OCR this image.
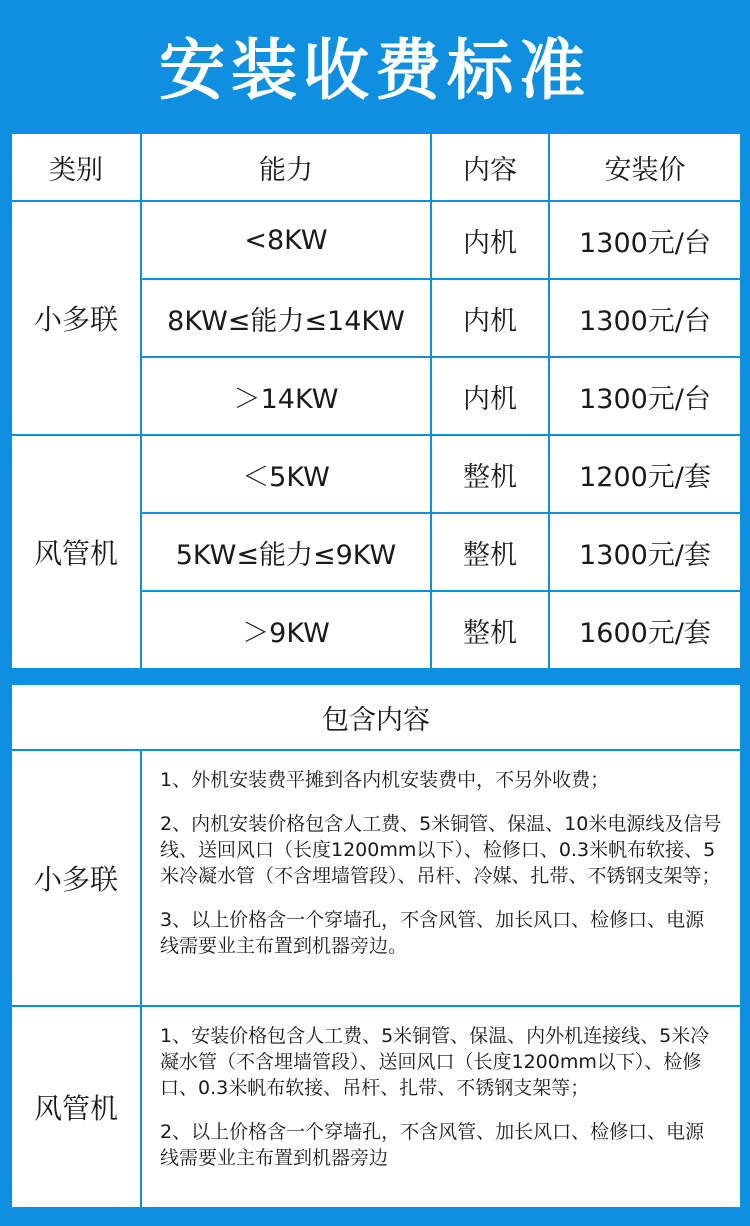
安装收费标准
类别	能力	内容	安装价
小多联	<8KW	内机	1300元/台
	8KW≤能力≤14KW	内机	1300元/台
	＞14KW	内机	1300元/台
风管机	＜5KW	整机	1200元/套
	5KW≤能力≤9KW	整机	1300元/套
	＞9KW	整机	1600元/套
包含内容	
小多联	1、外机安装费平摊到各内机安装费中，不另外收费；

2、内机安装价格包含人工费、5米铜管、保温、10米电源线及信号线、送回风口（长度1200mm以下）、检修口、0.3米帆布软接、5米冷凝水管（不含埋墙管段）、吊杆、冷媒、扎带、不锈钢支架等；

3、以上价格含一个穿墙孔，不含风管、加长风口、检修口、电源线需要业主布置到机器旁边。

风管机	1、安装价格包含人工费、5米铜管、保温、内外机连接线、5米冷凝水管（不含埋墙管段）、送回风口（长度1200mm以下）、检修口、0.3米帆布软接、吊杆、扎带、不锈钢支架等；

2、以上价格含一个穿墙孔，不含风管、加长风口、检修口、电源线需要业主布置到机器旁边
